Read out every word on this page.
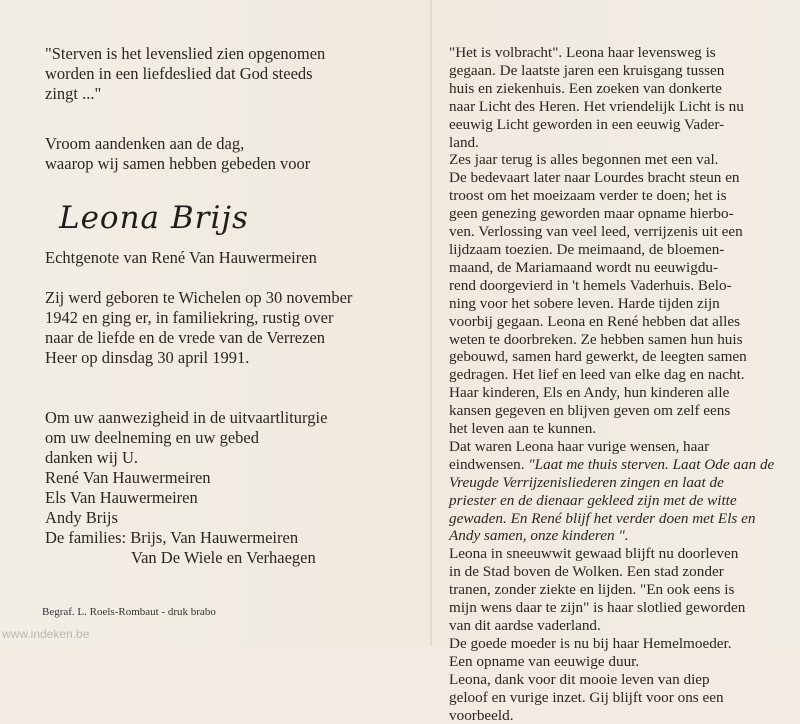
"Sterven is het levenslied zien opgenomen
worden in een liefdeslied dat God steeds
zingt ..."
Vroom aandenken aan de dag,
waarop wij samen hebben gebeden voor
Leona Brijs
Echtgenote van René Van Hauwermeiren
Zij werd geboren te Wichelen op 30 november
1942 en ging er, in familiekring, rustig over
naar de liefde en de vrede van de Verrezen
Heer op dinsdag 30 april 1991.
Om uw aanwezigheid in de uitvaartliturgie
om uw deelneming en uw gebed
danken wij U.
René Van Hauwermeiren
Els Van Hauwermeiren
Andy Brijs
De families: Brijs, Van Hauwermeiren
Van De Wiele en Verhaegen
Begraf. L. Roels-Rombaut - druk brabo
www.indeken.be
"Het is volbracht". Leona haar levensweg is
gegaan. De laatste jaren een kruisgang tussen
huis en ziekenhuis. Een zoeken van donkerte
naar Licht des Heren. Het vriendelijk Licht is nu
eeuwig Licht geworden in een eeuwig Vader-
land.
Zes jaar terug is alles begonnen met een val.
De bedevaart later naar Lourdes bracht steun en
troost om het moeizaam verder te doen; het is
geen genezing geworden maar opname hierbo-
ven. Verlossing van veel leed, verrijzenis uit een
lijdzaam toezien. De meimaand, de bloemen-
maand, de Mariamaand wordt nu eeuwigdu-
rend doorgevierd in 't hemels Vaderhuis. Belo-
ning voor het sobere leven. Harde tijden zijn
voorbij gegaan. Leona en René hebben dat alles
weten te doorbreken. Ze hebben samen hun huis
gebouwd, samen hard gewerkt, de leegten samen
gedragen. Het lief en leed van elke dag en nacht.
Haar kinderen, Els en Andy, hun kinderen alle
kansen gegeven en blijven geven om zelf eens
het leven aan te kunnen.
Dat waren Leona haar vurige wensen, haar
eindwensen. "Laat me thuis sterven. Laat Ode aan de
Vreugde Verrijzenisliederen zingen en laat de
priester en de dienaar gekleed zijn met de witte
gewaden. En René blijf het verder doen met Els en
Andy samen, onze kinderen ".
Leona in sneeuwwit gewaad blijft nu doorleven
in de Stad boven de Wolken. Een stad zonder
tranen, zonder ziekte en lijden. "En ook eens is
mijn wens daar te zijn" is haar slotlied geworden
van dit aardse vaderland.
De goede moeder is nu bij haar Hemelmoeder.
Een opname van eeuwige duur.
Leona, dank voor dit mooie leven van diep
geloof en vurige inzet. Gij blijft voor ons een
voorbeeld.
